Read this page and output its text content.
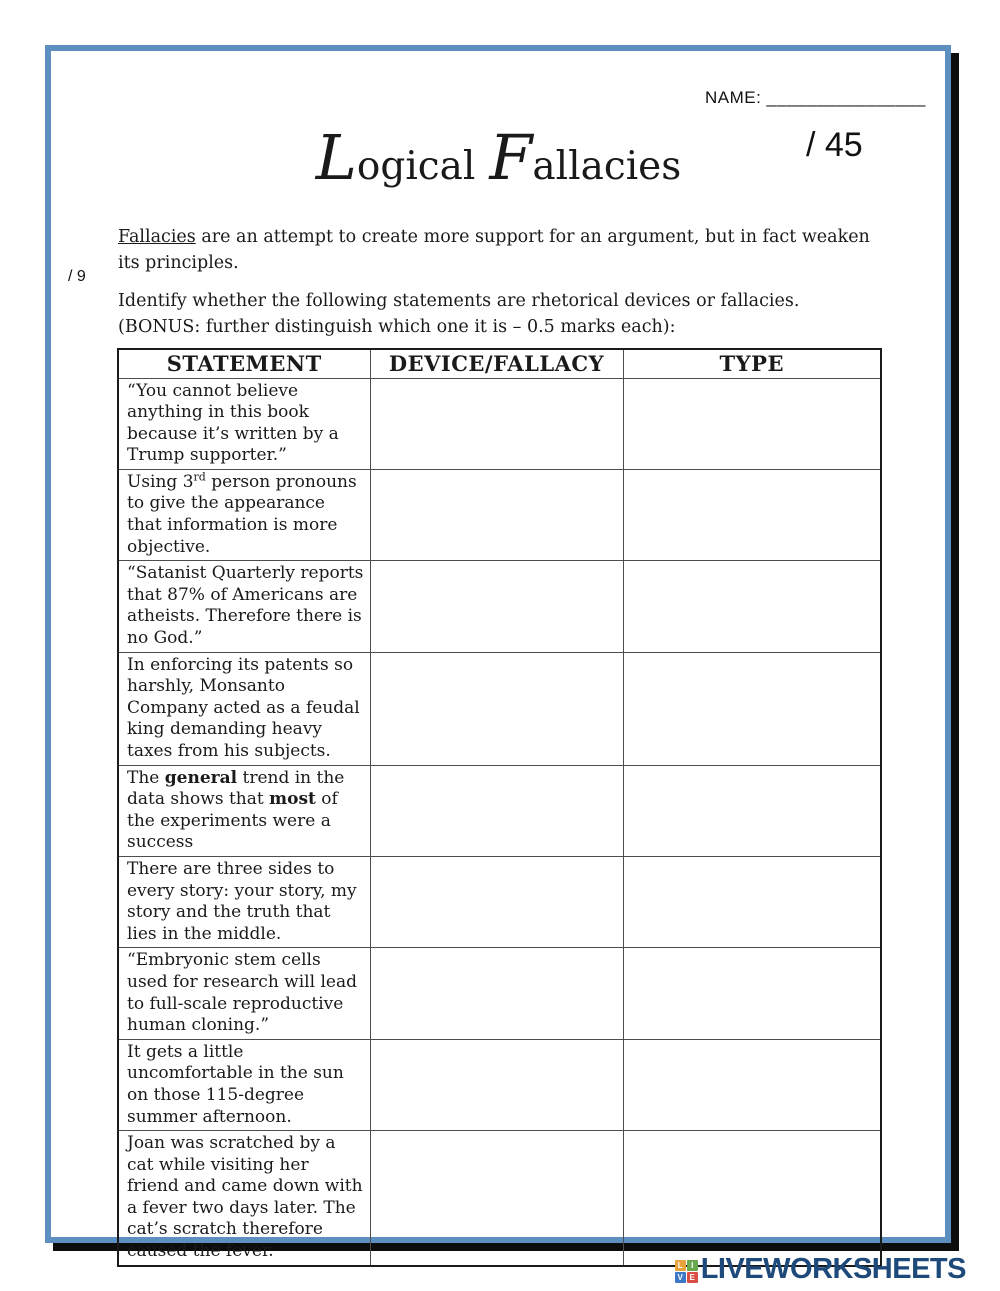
NAME: ________________
/ 45
/ 9
Logical Fallacies

Fallacies are an attempt to create more support for an argument, but in fact weaken its principles.

Identify whether the following statements are rhetorical devices or fallacies. (BONUS: further distinguish which one it is – 0.5 marks each):

STATEMENT	DEVICE/FALLACY	TYPE
“You cannot believe anything in this book because it’s written by a Trump supporter.”		
Using 3rd person pronouns to give the appearance that information is more objective.		
“Satanist Quarterly reports that 87% of Americans are atheists. Therefore there is no God.”		
In enforcing its patents so harshly, Monsanto Company acted as a feudal king demanding heavy taxes from his subjects.		
The general trend in the data shows that most of the experiments were a success		
There are three sides to every story: your story, my story and the truth that lies in the middle.		
“Embryonic stem cells used for research will lead to full-scale reproductive human cloning.”		
It gets a little uncomfortable in the sun on those 115-degree summer afternoon.		
Joan was scratched by a cat while visiting her friend and came down with a fever two days later. The cat’s scratch therefore caused the fever.		
L	I
V E LIVEWORKSHEETS
